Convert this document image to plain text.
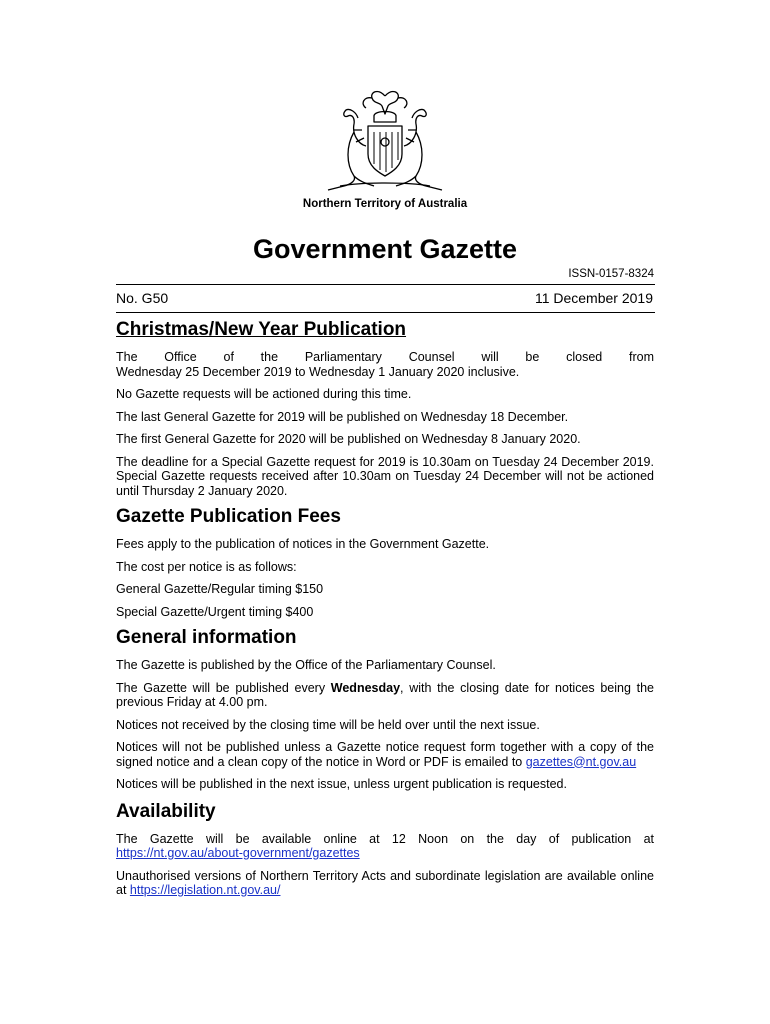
Northern Territory of Australia
Government Gazette
ISSN-0157-8324
No. G50	11 December 2019
Christmas/New Year Publication

The Office of the Parliamentary Counsel will be closed from
Wednesday 25 December 2019 to Wednesday 1 January 2020 inclusive.

No Gazette requests will be actioned during this time.

The last General Gazette for 2019 will be published on Wednesday 18 December.

The first General Gazette for 2020 will be published on Wednesday 8 January 2020.

The deadline for a Special Gazette request for 2019 is 10.30am on Tuesday 24 December 2019. Special Gazette requests received after 10.30am on Tuesday 24 December will not be actioned until Thursday 2 January 2020.

Gazette Publication Fees

Fees apply to the publication of notices in the Government Gazette.

The cost per notice is as follows:

General Gazette/Regular timing $150

Special Gazette/Urgent timing $400

General information

The Gazette is published by the Office of the Parliamentary Counsel.

The Gazette will be published every Wednesday, with the closing date for notices being the previous Friday at 4.00 pm.

Notices not received by the closing time will be held over until the next issue.

Notices will not be published unless a Gazette notice request form together with a copy of the signed notice and a clean copy of the notice in Word or PDF is emailed to gazettes@nt.gov.au

Notices will be published in the next issue, unless urgent publication is requested.

Availability

The Gazette will be available online at 12 Noon on the day of publication at https://nt.gov.au/about-government/gazettes

Unauthorised versions of Northern Territory Acts and subordinate legislation are available online at https://legislation.nt.gov.au/
